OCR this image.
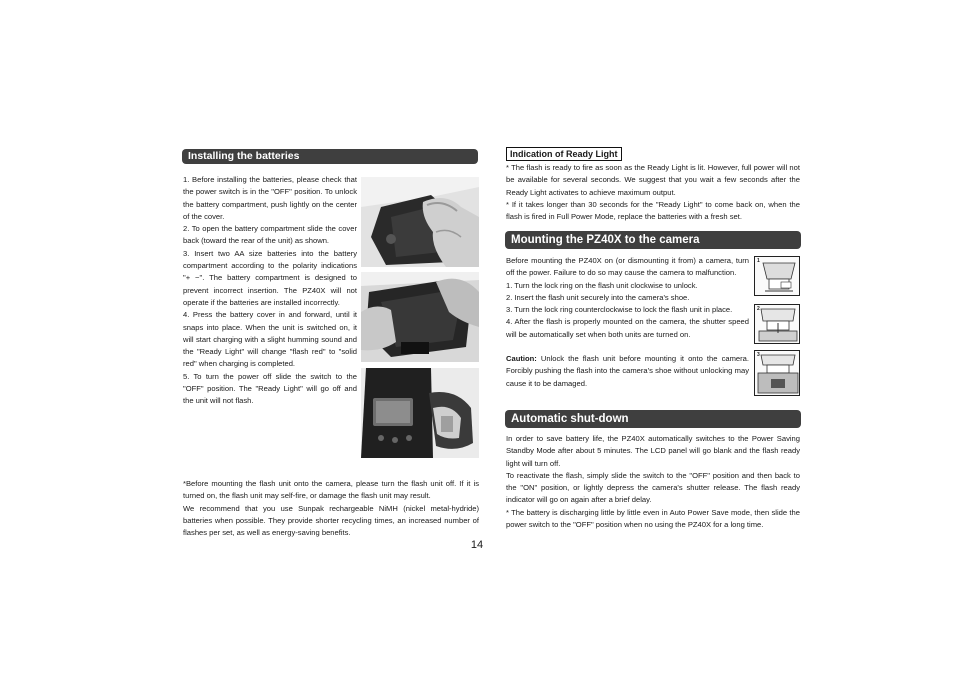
Installing the batteries

1. Before installing the batteries, please check that the power switch is in the "OFF" position. To unlock the battery compartment, push lightly on the center of the cover.

2. To open the battery compartment slide the cover back (toward the rear of the unit) as shown.

3. Insert two AA size batteries into the battery compartment according to the polarity indications "+ −". The battery compartment is designed to prevent incorrect insertion. The PZ40X will not operate if the batteries are installed incorrectly.

4. Press the battery cover in and forward, until it snaps into place. When the unit is switched on, it will start charging with a slight humming sound and the "Ready Light" will change "flash red" to "solid red" when charging is completed.

5. To turn the power off slide the switch to the "OFF" position. The "Ready Light" will go off and the unit will not flash.

*Before mounting the flash unit onto the camera, please turn the flash unit off. If it is turned on, the flash unit may self-fire, or damage the flash unit may result.

We recommend that you use Sunpak rechargeable NiMH (nickel metal-hydride) batteries when possible. They provide shorter recycling times, an increased number of flashes per set, as well as energy-saving benefits.

Indication of Ready Light

* The flash is ready to fire as soon as the Ready Light is lit. However, full power will not be available for several seconds. We suggest that you wait a few seconds after the Ready Light activates to achieve maximum output.

* If it takes longer than 30 seconds for the "Ready Light" to come back on, when the flash is fired in Full Power Mode, replace the batteries with a fresh set.

Mounting the PZ40X to the camera

Before mounting the PZ40X on (or dismounting it from) a camera, turn off the power. Failure to do so may cause the camera to malfunction.

1. Turn the lock ring on the flash unit clockwise to unlock.

2. Insert the flash unit securely into the camera's shoe.

3. Turn the lock ring counterclockwise to lock the flash unit in place.

4. After the flash is properly mounted on the camera, the shutter speed will be automatically set when both units are turned on.

Caution: Unlock the flash unit before mounting it onto the camera. Forcibly pushing the flash into the camera's shoe without unlocking may cause it to be damaged.

1
2
3
Automatic shut-down

In order to save battery life, the PZ40X automatically switches to the Power Saving Standby Mode after about 5 minutes. The LCD panel will go blank and the flash ready light will turn off.

To reactivate the flash, simply slide the switch to the "OFF" position and then back to the "ON" position, or lightly depress the camera's shutter release. The flash ready indicator will go on again after a brief delay.

* The battery is discharging little by little even in Auto Power Save mode, then slide the power switch to the "OFF" position when no using the PZ40X for a long time.

14
